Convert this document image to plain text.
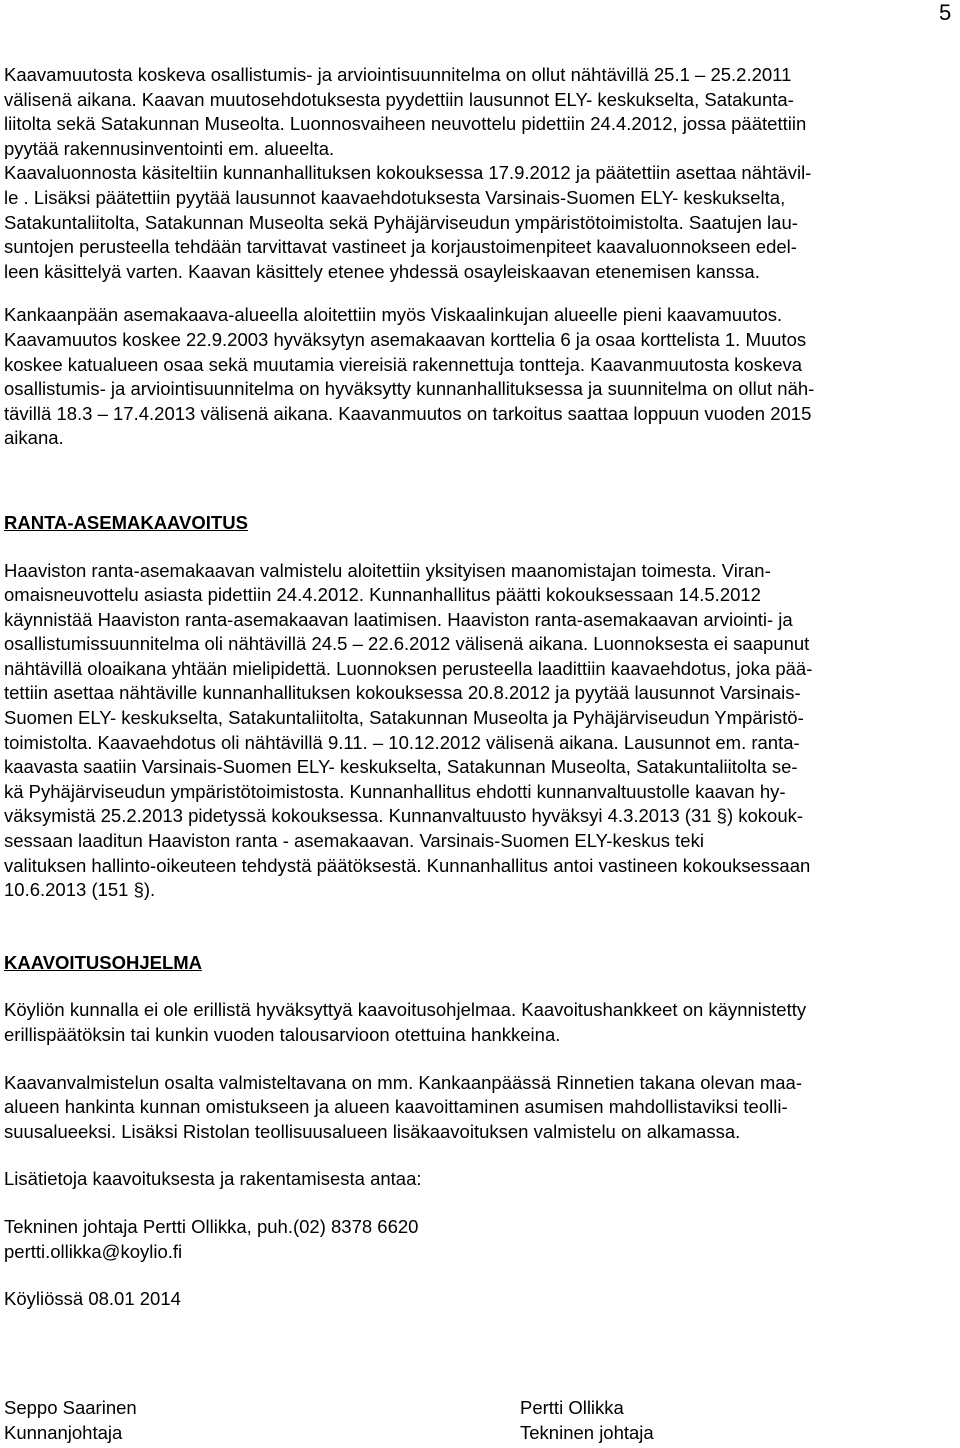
5

Kaavamuutosta koskeva osallistumis- ja arviointisuunnitelma on ollut nähtävillä 25.1 – 25.2.2011

välisenä aikana. Kaavan muutosehdotuksesta pyydettiin lausunnot ELY- keskukselta, Satakunta-

liitolta sekä Satakunnan Museolta. Luonnosvaiheen neuvottelu pidettiin 24.4.2012, jossa päätettiin

pyytää rakennusinventointi em. alueelta.

Kaavaluonnosta käsiteltiin kunnanhallituksen kokouksessa 17.9.2012 ja päätettiin asettaa nähtävil-

le . Lisäksi päätettiin pyytää lausunnot kaavaehdotuksesta Varsinais-Suomen ELY- keskukselta,

Satakuntaliitolta, Satakunnan Museolta sekä Pyhäjärviseudun ympäristötoimistolta. Saatujen lau-

suntojen perusteella tehdään tarvittavat vastineet ja korjaustoimenpiteet kaavaluonnokseen edel-

leen käsittelyä varten. Kaavan käsittely etenee yhdessä osayleiskaavan etenemisen kanssa.

Kankaanpään asemakaava-alueella aloitettiin myös Viskaalinkujan alueelle pieni kaavamuutos.

Kaavamuutos koskee 22.9.2003 hyväksytyn asemakaavan korttelia 6 ja osaa korttelista 1. Muutos

koskee katualueen osaa sekä muutamia viereisiä rakennettuja tontteja. Kaavanmuutosta koskeva

osallistumis- ja arviointisuunnitelma on hyväksytty kunnanhallituksessa ja suunnitelma on ollut näh-

tävillä 18.3 – 17.4.2013 välisenä aikana. Kaavanmuutos on tarkoitus saattaa loppuun vuoden 2015

aikana.

RANTA-ASEMAKAAVOITUS

Haaviston ranta-asemakaavan valmistelu aloitettiin yksityisen maanomistajan toimesta. Viran-

omaisneuvottelu asiasta pidettiin 24.4.2012. Kunnanhallitus päätti kokouksessaan 14.5.2012

käynnistää Haaviston ranta-asemakaavan laatimisen. Haaviston ranta-asemakaavan arviointi- ja

osallistumissuunnitelma oli nähtävillä 24.5 – 22.6.2012 välisenä aikana. Luonnoksesta ei saapunut

nähtävillä oloaikana yhtään mielipidettä. Luonnoksen perusteella laadittiin kaavaehdotus, joka pää-

tettiin asettaa nähtäville kunnanhallituksen kokouksessa 20.8.2012 ja pyytää lausunnot Varsinais-

Suomen ELY- keskukselta, Satakuntaliitolta, Satakunnan Museolta ja Pyhäjärviseudun Ympäristö-

toimistolta. Kaavaehdotus oli nähtävillä 9.11. – 10.12.2012 välisenä aikana. Lausunnot em. ranta-

kaavasta saatiin Varsinais-Suomen ELY- keskukselta, Satakunnan Museolta, Satakuntaliitolta se-

kä Pyhäjärviseudun ympäristötoimistosta. Kunnanhallitus ehdotti kunnanvaltuustolle kaavan hy-

väksymistä 25.2.2013 pidetyssä kokouksessa. Kunnanvaltuusto hyväksyi 4.3.2013 (31 §) kokouk-

sessaan laaditun Haaviston ranta - asemakaavan. Varsinais-Suomen ELY-keskus teki

valituksen hallinto-oikeuteen tehdystä päätöksestä. Kunnanhallitus antoi vastineen kokouksessaan

10.6.2013 (151 §).

KAAVOITUSOHJELMA

Köyliön kunnalla ei ole erillistä hyväksyttyä kaavoitusohjelmaa. Kaavoitushankkeet on käynnistetty

erillispäätöksin tai kunkin vuoden talousarvioon otettuina hankkeina.

Kaavanvalmistelun osalta valmisteltavana on mm. Kankaanpäässä Rinnetien takana olevan maa-

alueen hankinta kunnan omistukseen ja alueen kaavoittaminen asumisen mahdollistaviksi teolli-

suusalueeksi. Lisäksi Ristolan teollisuusalueen lisäkaavoituksen valmistelu on alkamassa.

Lisätietoja kaavoituksesta ja rakentamisesta antaa:

Tekninen johtaja Pertti Ollikka, puh.(02) 8378 6620

pertti.ollikka@koylio.fi

Köyliössä 08.01 2014

Seppo Saarinen
Kunnanjohtaja
Pertti Ollikka
Tekninen johtaja
